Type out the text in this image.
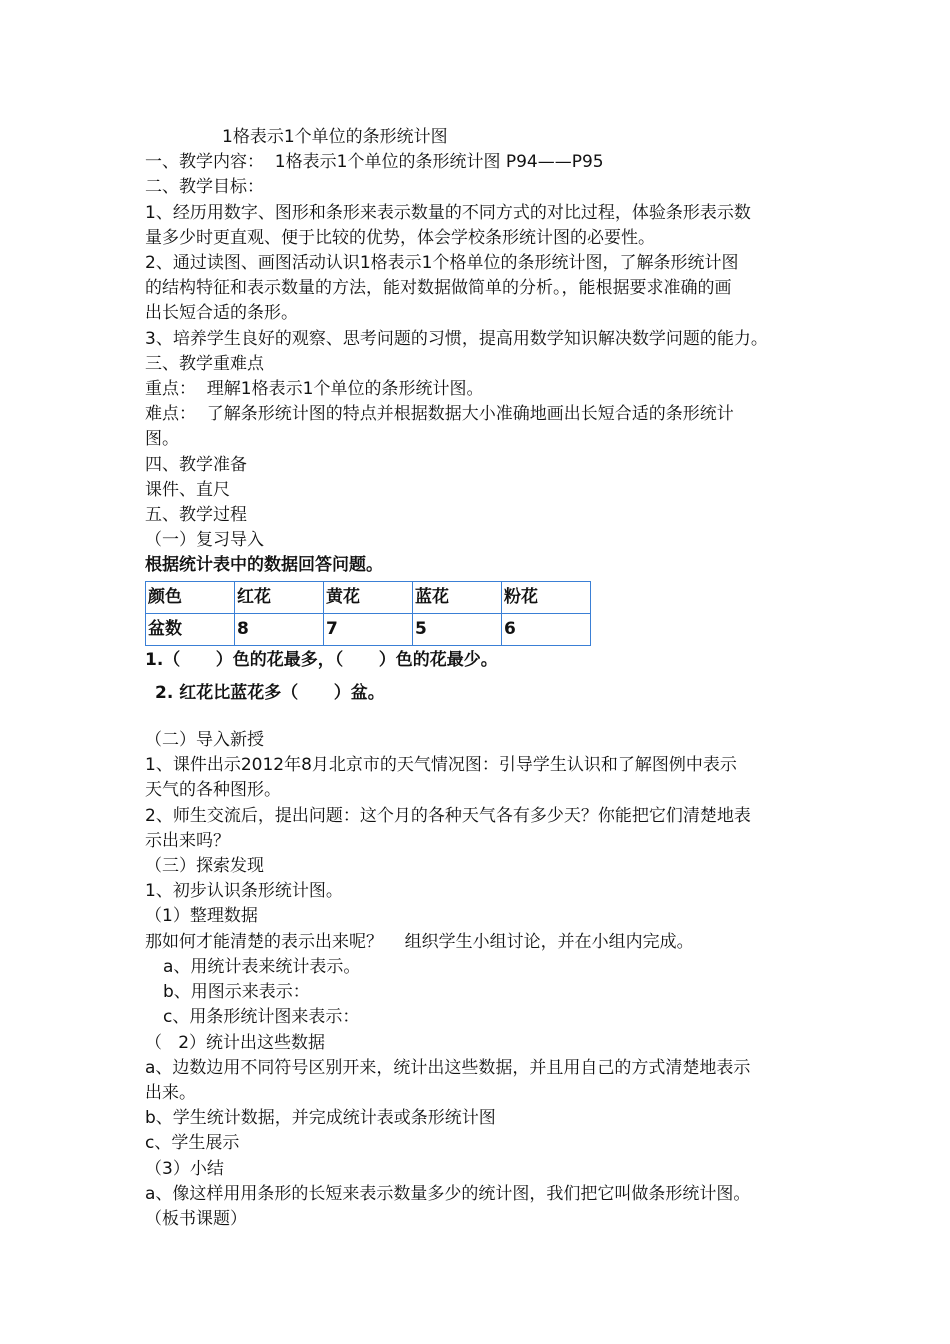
1格表示1个单位的条形统计图
一、教学内容：  1格表示1个单位的条形统计图 P94——P95
二、教学目标：
1、经历用数字、图形和条形来表示数量的不同方式的对比过程，体验条形表示数
量多少时更直观、便于比较的优势，体会学校条形统计图的必要性。
2、通过读图、画图活动认识1格表示1个格单位的条形统计图，了解条形统计图
的结构特征和表示数量的方法，能对数据做简单的分析。，能根据要求准确的画
出长短合适的条形。
3、培养学生良好的观察、思考问题的习惯，提高用数学知识解决数学问题的能力。
三、教学重难点
重点：  理解1格表示1个单位的条形统计图。
难点：  了解条形统计图的特点并根据数据大小准确地画出长短合适的条形统计
图。
四、教学准备
课件、直尺
五、教学过程
（一）复习导入
根据统计表中的数据回答问题。
颜色	红花	黄花	蓝花	粉花
盆数	8	7	5	6
1.（      ）色的花最多，（      ）色的花最少。
2. 红花比蓝花多（      ）盆。
（二）导入新授
1、课件出示2012年8月北京市的天气情况图：引导学生认识和了解图例中表示
天气的各种图形。
2、师生交流后，提出问题：这个月的各种天气各有多少天？你能把它们清楚地表
示出来吗？
（三）探索发现
1、初步认识条形统计图。
（1）整理数据
那如何才能清楚的表示出来呢？    组织学生小组讨论，并在小组内完成。
a、用统计表来统计表示。
b、用图示来表示：
c、用条形统计图来表示：
（   2）统计出这些数据
a、边数边用不同符号区别开来，统计出这些数据，并且用自己的方式清楚地表示
出来。
b、学生统计数据，并完成统计表或条形统计图
c、学生展示
（3）小结
a、像这样用用条形的长短来表示数量多少的统计图，我们把它叫做条形统计图。
（板书课题）
